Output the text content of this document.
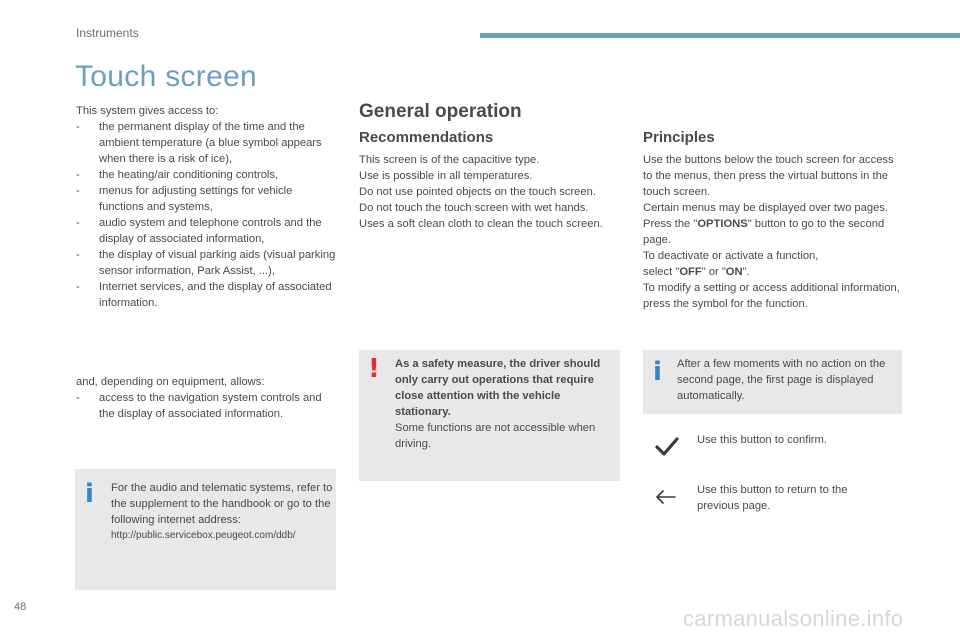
Instruments
Touch screen

This system gives access to:

- the permanent display of the time and the ambient temperature (a blue symbol appears when there is a risk of ice),
- the heating/air conditioning controls,
- menus for adjusting settings for vehicle functions and systems,
- audio system and telephone controls and the display of associated information,
- the display of visual parking aids (visual parking sensor information, Park Assist, ...),
- Internet services, and the display of associated information.

and, depending on equipment, allows:

- access to the navigation system controls and the display of associated information.
i For the audio and telematic systems, refer to the supplement to the handbook or go to the following internet address:

http://public.servicebox.peugeot.com/ddb/

General operation
Recommendations

This screen is of the capacitive type.

Use is possible in all temperatures.

Do not use pointed objects on the touch screen.

Do not touch the touch screen with wet hands.

Uses a soft clean cloth to clean the touch screen.

! As a safety measure, the driver should only carry out operations that require close attention with the vehicle stationary.

Some functions are not accessible when driving.

Principles

Use the buttons below the touch screen for access to the menus, then press the virtual buttons in the touch screen.

Certain menus may be displayed over two pages. Press the "OPTIONS" button to go to the second page.

To deactivate or activate a function,

select "OFF" or "ON".

To modify a setting or access additional information, press the symbol for the function.

i After a few moments with no action on the second page, the first page is displayed automatically.

Use this button to confirm.
Use this button to return to the previous page.
48	carmanualsonline.info
